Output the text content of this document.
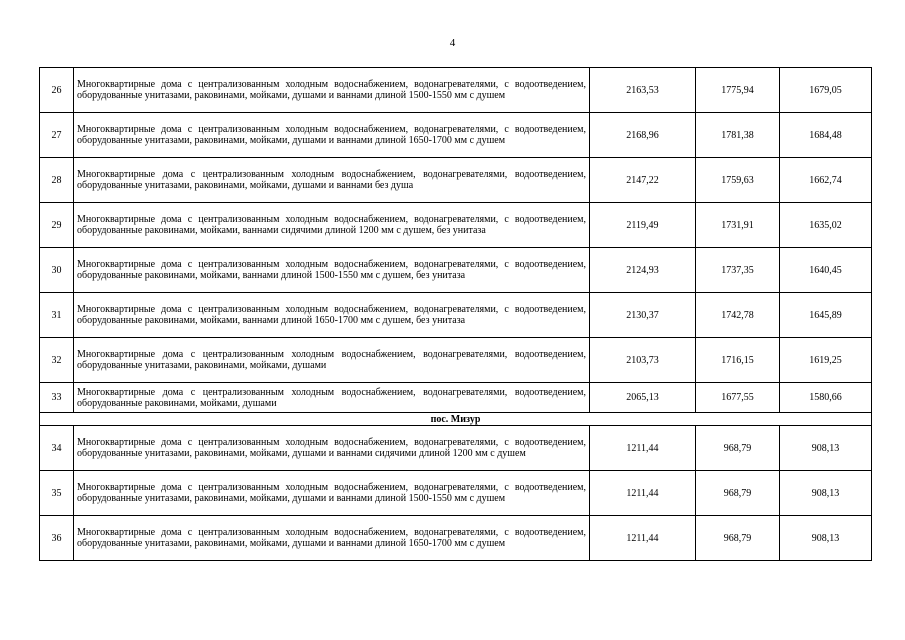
4
26	Многоквартирные дома с централизованным холодным водоснабжением, водонагревателями, с водоотведением, оборудованные унитазами, раковинами, мойками, душами и ваннами длиной 1500-1550 мм с душем	2163,53	1775,94	1679,05
27	Многоквартирные дома с централизованным холодным водоснабжением, водонагревателями, с водоотведением, оборудованные унитазами, раковинами, мойками, душами и ваннами длиной 1650-1700 мм с душем	2168,96	1781,38	1684,48
28	Многоквартирные дома с централизованным холодным водоснабжением, водонагревателями, водоотведением, оборудованные унитазами, раковинами, мойками, душами и ваннами без душа	2147,22	1759,63	1662,74
29	Многоквартирные дома с централизованным холодным водоснабжением, водонагревателями, с водоотведением, оборудованные раковинами, мойками, ваннами сидячими длиной 1200 мм с душем, без унитаза	2119,49	1731,91	1635,02
30	Многоквартирные дома с централизованным холодным водоснабжением, водонагревателями, с водоотведением, оборудованные раковинами, мойками, ваннами длиной 1500-1550 мм с душем, без унитаза	2124,93	1737,35	1640,45
31	Многоквартирные дома с централизованным холодным водоснабжением, водонагревателями, с водоотведением, оборудованные раковинами, мойками, ваннами длиной 1650-1700 мм с душем, без унитаза	2130,37	1742,78	1645,89
32	Многоквартирные дома с централизованным холодным водоснабжением, водонагревателями, водоотведением, оборудованные унитазами, раковинами, мойками, душами	2103,73	1716,15	1619,25
33	Многоквартирные дома с централизованным холодным водоснабжением, водонагревателями, водоотведением, оборудованные раковинами, мойками, душами	2065,13	1677,55	1580,66
пос. Мизур				
34	Многоквартирные дома с централизованным холодным водоснабжением, водонагревателями, с водоотведением, оборудованные унитазами, раковинами, мойками, душами и ваннами сидячими длиной 1200 мм с душем	1211,44	968,79	908,13
35	Многоквартирные дома с централизованным холодным водоснабжением, водонагревателями, с водоотведением, оборудованные унитазами, раковинами, мойками, душами и ваннами длиной 1500-1550 мм с душем	1211,44	968,79	908,13
36	Многоквартирные дома с централизованным холодным водоснабжением, водонагревателями, с водоотведением, оборудованные унитазами, раковинами, мойками, душами и ваннами длиной 1650-1700 мм с душем	1211,44	968,79	908,13
